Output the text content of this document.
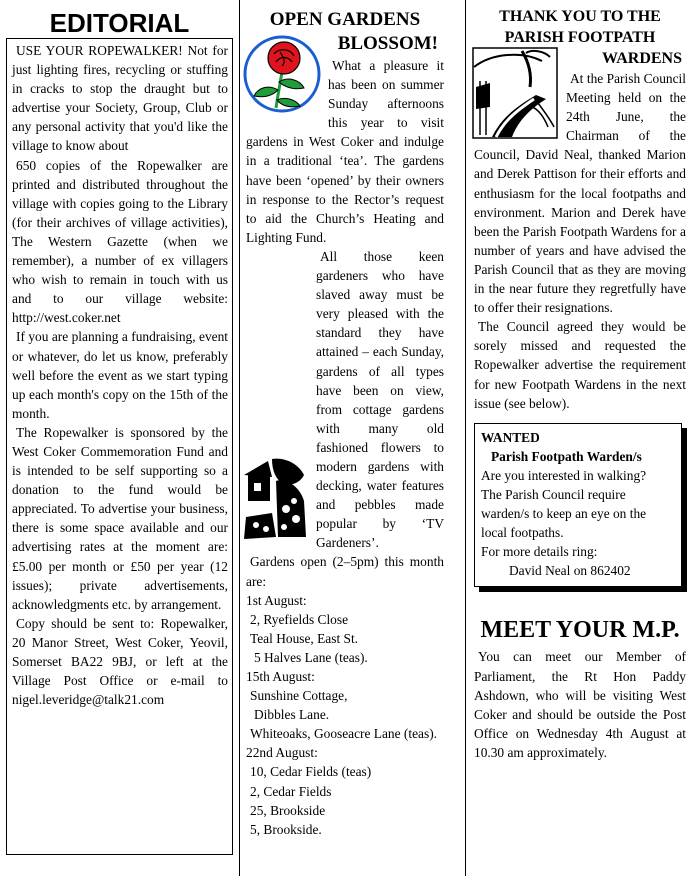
EDITORIAL

USE YOUR ROPEWALKER! Not for just lighting fires, recycling or stuffing in cracks to stop the draught but to advertise your Society, Group, Club or any personal activity that you'd like the village to know about

650 copies of the Ropewalker are printed and distributed throughout the village with copies going to the Library (for their archives of village activities), The Western Gazette (when we remember), a number of ex villagers who wish to remain in touch with us and to our village website: http://west.coker.net

If you are planning a fundraising, event or whatever, do let us know, preferably well before the event as we start typing up each month's copy on the 15th of the month.

The Ropewalker is sponsored by the West Coker Commemoration Fund and is intended to be self supporting so a donation to the fund would be appreciated. To advertise your business, there is some space available and our advertising rates at the moment are: £5.00 per month or £50 per year (12 issues); private advertisements, acknowledgments etc. by arrangement.

Copy should be sent to: Ropewalker, 20 Manor Street, West Coker, Yeovil, Somerset BA22 9BJ, or left at the Village Post Office or e-mail to nigel.leveridge@talk21.com

OPEN GARDENS
BLOSSOM!

What a pleasure it has been on summer Sunday afternoons this year to visit gardens in West Coker and indulge in a traditional ‘tea’. The gardens have been ‘opened’ by their owners in response to the Rector’s request to aid the Church’s Heating and Lighting Fund.

All those keen gardeners who have slaved away must be very pleased with the standard they have attained – each Sunday, gardens of all types have been on view, from cottage gardens with many old fashioned flowers to modern gardens with decking, water features and pebbles made popular by ‘TV Gardeners’.

Gardens open (2–5pm) this month are:

1st August:

2, Ryefields Close

Teal House, East St.

5 Halves Lane (teas).

15th August:

Sunshine Cottage,

Dibbles Lane.

Whiteoaks, Gooseacre Lane (teas).

22nd August:

10, Cedar Fields (teas)

2, Cedar Fields

25, Brookside

5, Brookside.

THANK YOU TO THE
PARISH FOOTPATH
WARDENS

At the Parish Council Meeting held on the 24th June, the Chairman of the Council, David Neal, thanked Marion and Derek Pattison for their efforts and enthusiasm for the local footpaths and environment. Marion and Derek have been the Parish Footpath Wardens for a number of years and have advised the Parish Council that as they are moving in the near future they regretfully have to offer their resignations.

The Council agreed they would be sorely missed and requested the Ropewalker advertise the requirement for new Footpath Wardens in the next issue (see below).

WANTED

Parish Footpath Warden/s

Are you interested in walking?

The Parish Council require warden/s to keep an eye on the local footpaths.

For more details ring:

David Neal on 862402

MEET YOUR M.P.

You can meet our Member of Parliament, the Rt Hon Paddy Ashdown, who will be visiting West Coker and should be outside the Post Office on Wednesday 4th August at 10.30 am approximately.
